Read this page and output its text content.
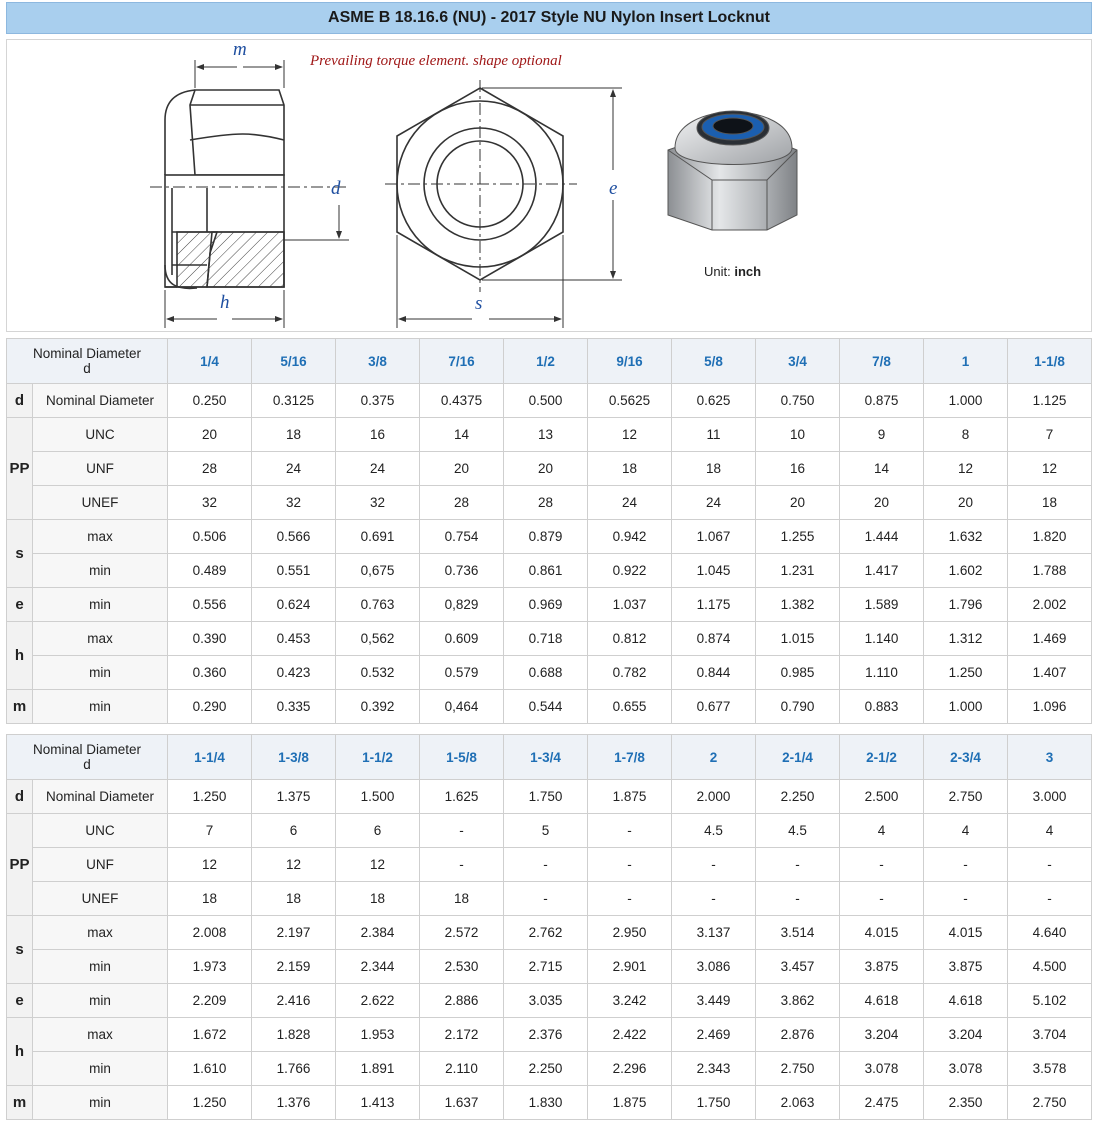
ASME B 18.16.6 (NU) - 2017 Style NU Nylon Insert Locknut
Prevailing torque element. shape optional
m
d	e
h	s
Unit: inch
Nominal Diameter
d		1/4	5/16	3/8	7/16	1/2	9/16	5/8	3/4	7/8	1	1-1/8
d	Nominal Diameter	0.250	0.3125	0.375	0.4375	0.500	0.5625	0.625	0.750	0.875	1.000	1.125
PP	UNC	20	18	16	14	13	12	11	10	9	8	7
	UNF	28	24	24	20	20	18	18	16	14	12	12
	UNEF	32	32	32	28	28	24	24	20	20	20	18
s	max	0.506	0.566	0.691	0.754	0.879	0.942	1.067	1.255	1.444	1.632	1.820
	min	0.489	0.551	0,675	0.736	0.861	0.922	1.045	1.231	1.417	1.602	1.788
e	min	0.556	0.624	0.763	0,829	0.969	1.037	1.175	1.382	1.589	1.796	2.002
h	max	0.390	0.453	0,562	0.609	0.718	0.812	0.874	1.015	1.140	1.312	1.469
	min	0.360	0.423	0.532	0.579	0.688	0.782	0.844	0.985	1.110	1.250	1.407
m	min	0.290	0.335	0.392	0,464	0.544	0.655	0.677	0.790	0.883	1.000	1.096
Nominal Diameter
d		1-1/4	1-3/8	1-1/2	1-5/8	1-3/4	1-7/8	2	2-1/4	2-1/2	2-3/4	3
d	Nominal Diameter	1.250	1.375	1.500	1.625	1.750	1.875	2.000	2.250	2.500	2.750	3.000
PP	UNC	7	6	6	-	5	-	4.5	4.5	4	4	4
	UNF	12	12	12	-	-	-	-	-	-	-	-
	UNEF	18	18	18	18	-	-	-	-	-	-	-
s	max	2.008	2.197	2.384	2.572	2.762	2.950	3.137	3.514	4.015	4.015	4.640
	min	1.973	2.159	2.344	2.530	2.715	2.901	3.086	3.457	3.875	3.875	4.500
e	min	2.209	2.416	2.622	2.886	3.035	3.242	3.449	3.862	4.618	4.618	5.102
h	max	1.672	1.828	1.953	2.172	2.376	2.422	2.469	2.876	3.204	3.204	3.704
	min	1.610	1.766	1.891	2.110	2.250	2.296	2.343	2.750	3.078	3.078	3.578
m	min	1.250	1.376	1.413	1.637	1.830	1.875	1.750	2.063	2.475	2.350	2.750
